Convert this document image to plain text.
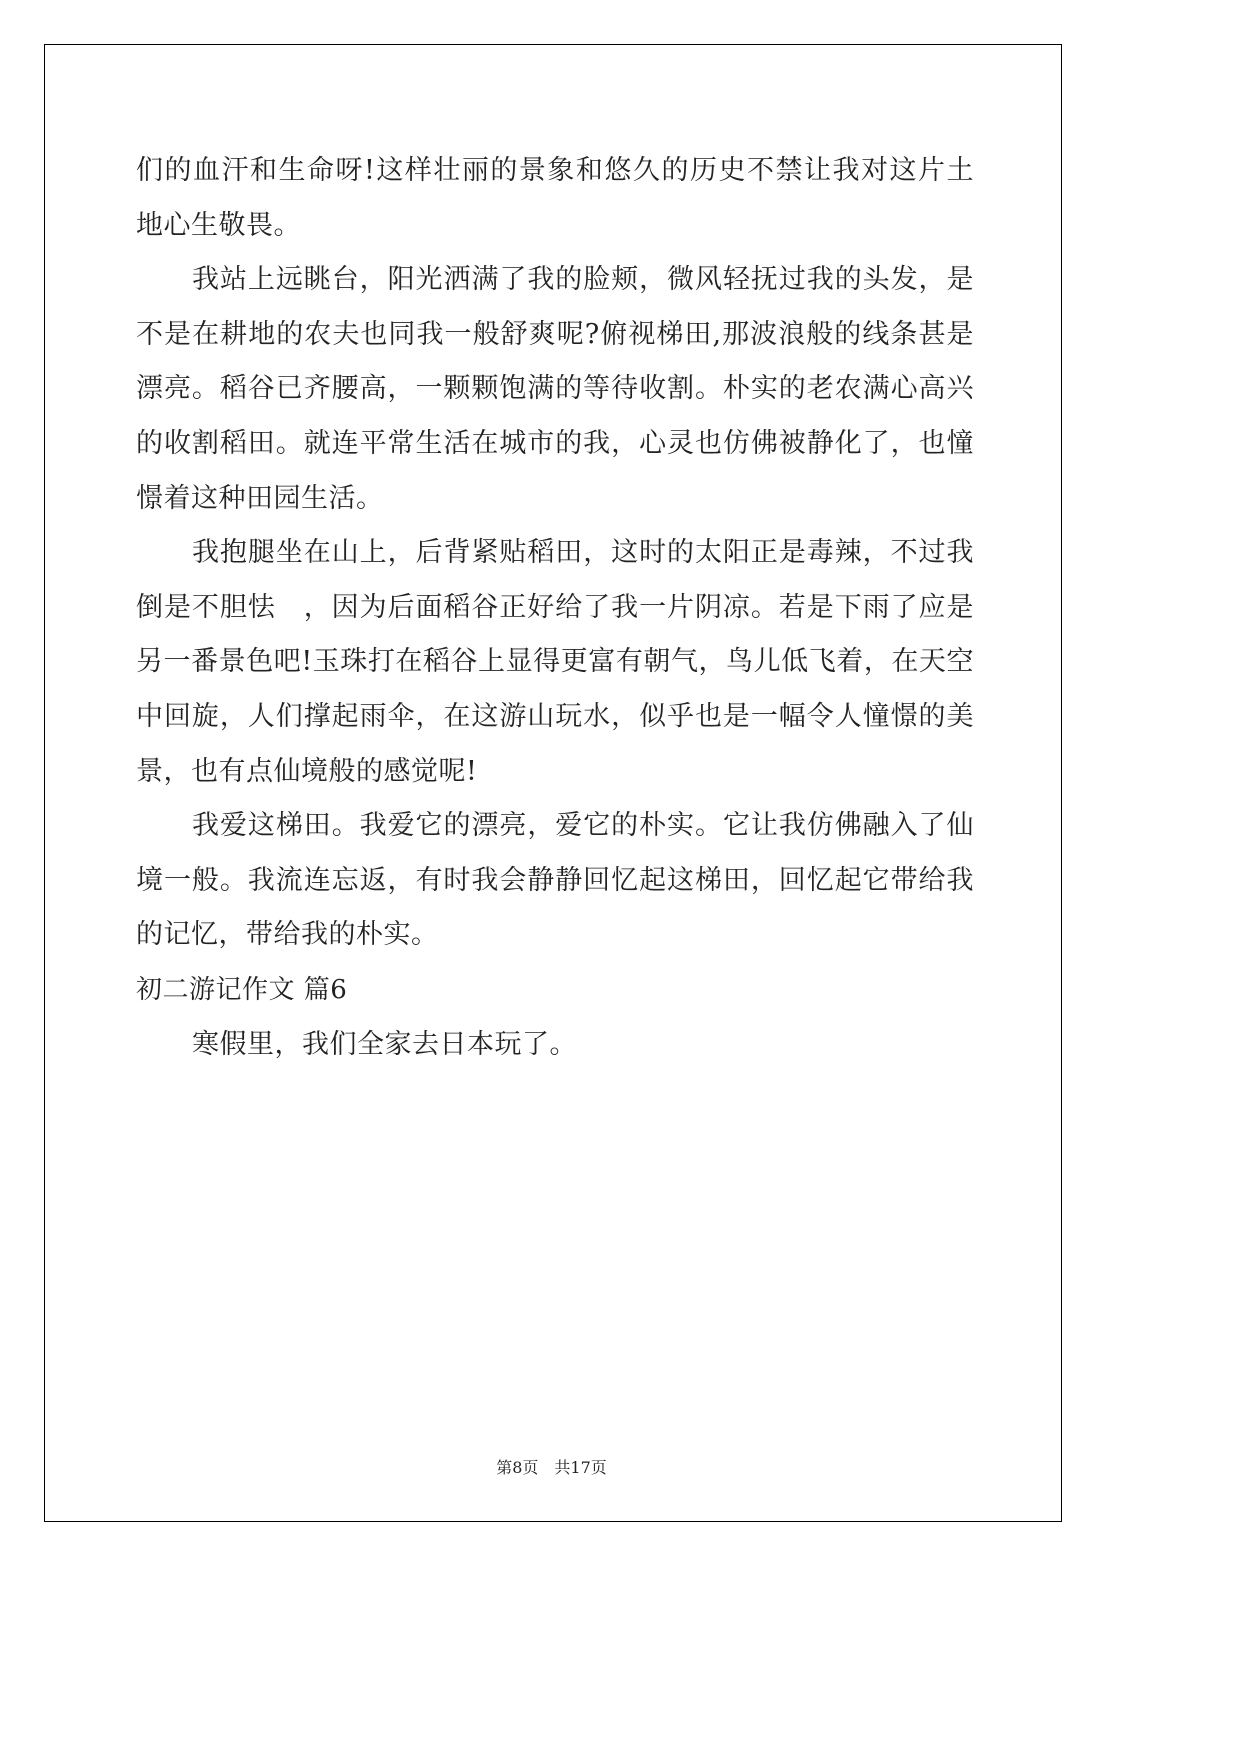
们的血汗和生命呀!这样壮丽的景象和悠久的历史不禁让我对这片土
地心生敬畏。
我站上远眺台，阳光洒满了我的脸颊，微风轻抚过我的头发，是
不是在耕地的农夫也同我一般舒爽呢?俯视梯田,那波浪般的线条甚是
漂亮。稻谷已齐腰高，一颗颗饱满的等待收割。朴实的老农满心高兴
的收割稻田。就连平常生活在城市的我，心灵也仿佛被静化了，也憧
憬着这种田园生活。
我抱腿坐在山上，后背紧贴稻田，这时的太阳正是毒辣，不过我
倒是不胆怯　，因为后面稻谷正好给了我一片阴凉。若是下雨了应是
另一番景色吧!玉珠打在稻谷上显得更富有朝气，鸟儿低飞着，在天空
中回旋，人们撑起雨伞，在这游山玩水，似乎也是一幅令人憧憬的美
景，也有点仙境般的感觉呢!
我爱这梯田。我爱它的漂亮，爱它的朴实。它让我仿佛融入了仙
境一般。我流连忘返，有时我会静静回忆起这梯田，回忆起它带给我
的记忆，带给我的朴实。
初二游记作文 篇6
寒假里，我们全家去日本玩了。
第8页　共17页
